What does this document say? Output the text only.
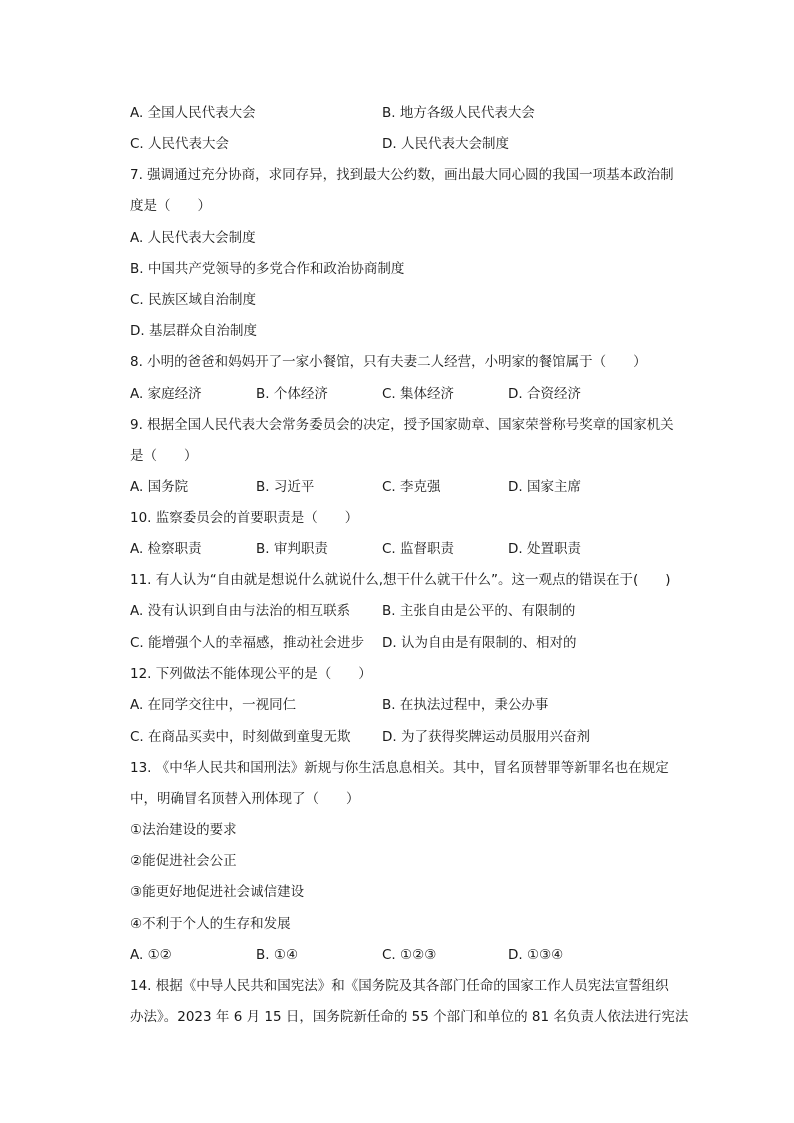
A. 全国人民代表大会	B. 地方各级人民代表大会
C. 人民代表大会	D. 人民代表大会制度
7. 强调通过充分协商，求同存异，找到最大公约数，画出最大同心圆的我国一项基本政治制
度是（　　）
A. 人民代表大会制度
B. 中国共产党领导的多党合作和政治协商制度
C. 民族区域自治制度
D. 基层群众自治制度
8. 小明的爸爸和妈妈开了一家小餐馆，只有夫妻二人经营，小明家的餐馆属于（　　）
A. 家庭经济	B. 个体经济	C. 集体经济	D. 合资经济
9. 根据全国人民代表大会常务委员会的决定，授予国家勋章、国家荣誉称号奖章的国家机关
是（　　）
A. 国务院	B. 习近平	C. 李克强	D. 国家主席
10. 监察委员会的首要职责是（　　）
A. 检察职责	B. 审判职责	C. 监督职责	D. 处置职责
11. 有人认为“自由就是想说什么就说什么,想干什么就干什么”。这一观点的错误在于(　　)
A. 没有认识到自由与法治的相互联系 B. 主张自由是公平的、有限制的
C. 能增强个人的幸福感，推动社会进步 D. 认为自由是有限制的、相对的
12. 下列做法不能体现公平的是（　　）
A. 在同学交往中，一视同仁	B. 在执法过程中，秉公办事
C. 在商品买卖中，时刻做到童叟无欺 D. 为了获得奖牌运动员服用兴奋剂
13. 《中华人民共和国刑法》新规与你生活息息相关。其中，冒名顶替罪等新罪名也在规定
中，明确冒名顶替入刑体现了（　　）
①法治建设的要求
②能促进社会公正
③能更好地促进社会诚信建设
④不利于个人的生存和发展
A. ①②	B. ①④	C. ①②③	D. ①③④
14. 根据《中导人民共和国宪法》和《国务院及其各部门任命的国家工作人员宪法宣誓组织
办法》。2023 年 6 月 15 日，国务院新任命的 55 个部门和单位的 81 名负责人依法进行宪法
